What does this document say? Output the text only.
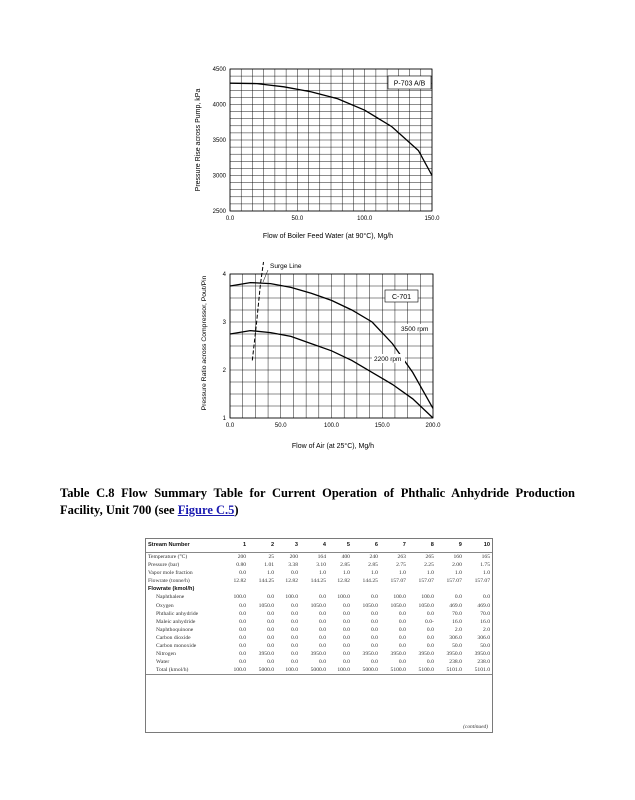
0.0	50.0	100.0	150.0
2500
3000
3500
4000
4500
P-703 A/B
Pressure Rise across Pump, kPa
Flow of Boiler Feed Water (at 90°C), Mg/h
0.0	50.0	100.0	150.0	200.0
1
2
3
4
C-701
Surge Line
3500 rpm
2200 rpm
Pressure Ratio across Compressor, Pout/Pin
Flow of Air (at 25°C), Mg/h
Table C.8 Flow Summary Table for Current Operation of Phthalic Anhydride Production Facility, Unit 700 (see Figure C.5)
Stream Number	1	2	3	4	5	6	7	8	9	10
Temperature (°C)	200	25	200	164	400	240	263	265	160	165
Pressure (bar)	0.80	1.01	3.38	3.10	2.85	2.85	2.75	2.25	2.00	1.75
Vapor mole fraction	0.0	1.0	0.0	1.0	1.0	1.0	1.0	1.0	1.0	1.0
Flowrate (tonne/h)	12.82	144.25	12.82	144.25	12.82	144.25	157.07	157.07	157.07	157.07
Flowrate (kmol/h)										
Naphthalene	100.0	0.0	100.0	0.0	100.0	0.0	100.0	100.0	0.0	0.0
Oxygen	0.0	1050.0	0.0	1050.0	0.0	1050.0	1050.0	1050.0	469.0	469.0
Phthalic anhydride	0.0	0.0	0.0	0.0	0.0	0.0	0.0	0.0	70.0	70.0
Maleic anhydride	0.0	0.0	0.0	0.0	0.0	0.0	0.0	0.0-	16.0	16.0
Naphthoquinone	0.0	0.0	0.0	0.0	0.0	0.0	0.0	0.0	2.0	2.0
Carbon dioxide	0.0	0.0	0.0	0.0	0.0	0.0	0.0	0.0	306.0	306.0
Carbon monoxide	0.0	0.0	0.0	0.0	0.0	0.0	0.0	0.0	50.0	50.0
Nitrogen	0.0	3950.0	0.0	3950.0	0.0	3950.0	3950.0	3950.0	3950.0	3950.0
Water	0.0	0.0	0.0	0.0	0.0	0.0	0.0	0.0	238.0	238.0
Total (kmol/h)	100.0	5000.0	100.0	5000.0	100.0	5000.0	5100.0	5100.0	5101.0	5101.0
(continued)
